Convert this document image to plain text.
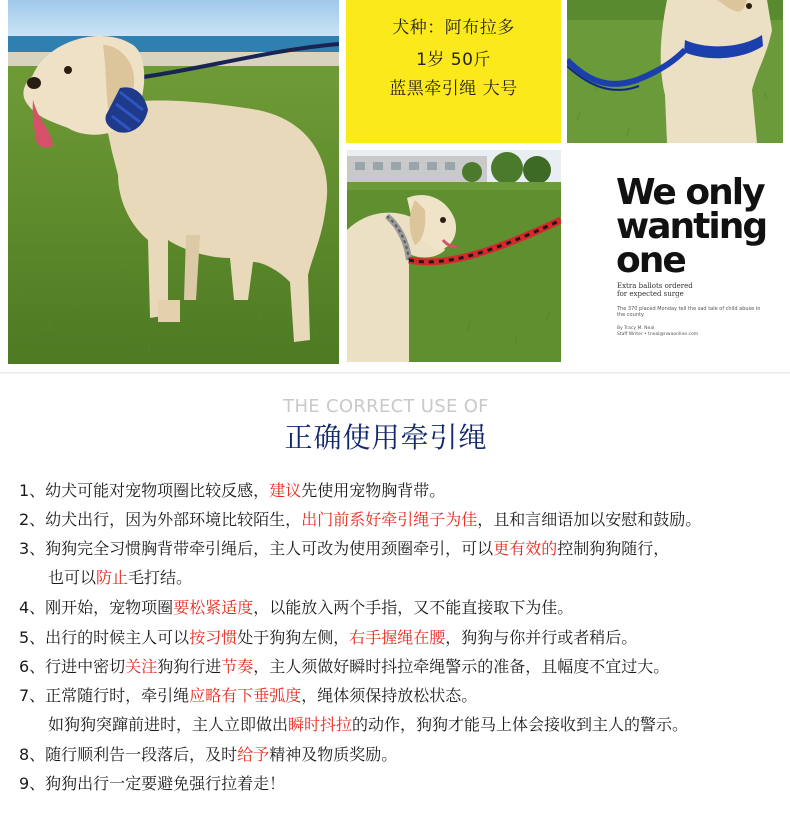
犬种：阿布拉多
1岁 50斤
蓝黑牵引绳 大号
We only
wanting
one
Extra ballots ordered
for expected surge
The 370 placed Monday tell the sad tale of child abuse in the county.
By Tracy M. Neal
Staff Writer • tneal@nwaonline.com
THE CORRECT USE OF
正确使用牵引绳
1、幼犬可能对宠物项圈比较反感，建议先使用宠物胸背带。
2、幼犬出行，因为外部环境比较陌生，出门前系好牵引绳子为佳，且和言细语加以安慰和鼓励。
3、狗狗完全习惯胸背带牵引绳后，主人可改为使用颈圈牵引，可以更有效的控制狗狗随行，
也可以防止毛打结。
4、刚开始，宠物项圈要松紧适度，以能放入两个手指，又不能直接取下为佳。
5、出行的时候主人可以按习惯处于狗狗左侧，右手握绳在腰，狗狗与你并行或者稍后。
6、行进中密切关注狗狗行进节奏，主人须做好瞬时抖拉牵绳警示的准备，且幅度不宜过大。
7、正常随行时，牵引绳应略有下垂弧度，绳体须保持放松状态。
如狗狗突蹿前进时，主人立即做出瞬时抖拉的动作，狗狗才能马上体会接收到主人的警示。
8、随行顺利告一段落后，及时给予精神及物质奖励。
9、狗狗出行一定要避免强行拉着走！
